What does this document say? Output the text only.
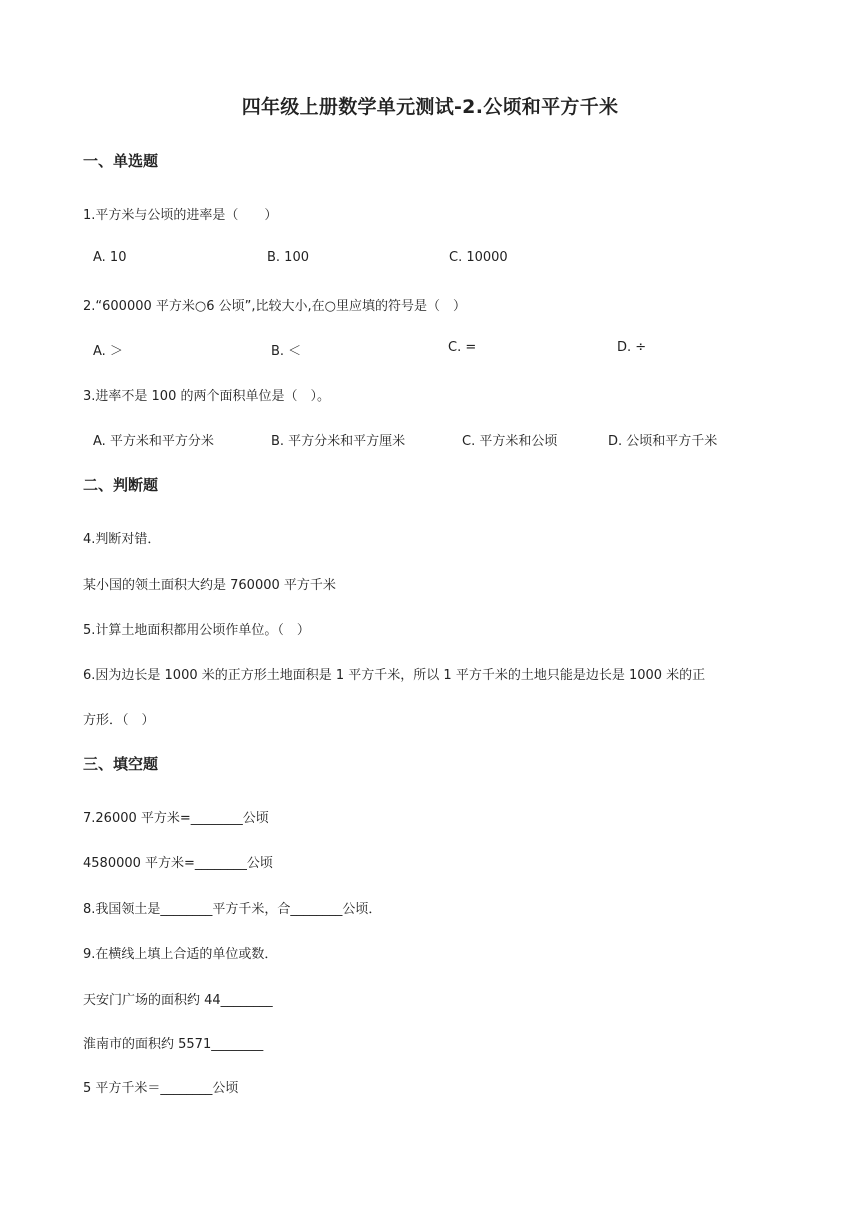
四年级上册数学单元测试-2.公顷和平方千米
一、单选题
1.平方米与公顷的进率是（　　）
A. 10	B. 100	C. 10000
2.“600000 平方米○6 公顷”,比较大小,在○里应填的符号是（　）
A. ＞	B. ＜	C. =	D. ÷
3.进率不是 100 的两个面积单位是（　）。
A. 平方米和平方分米	B. 平方分米和平方厘米	C. 平方米和公顷	D. 公顷和平方千米
二、判断题
4.判断对错．
某小国的领土面积大约是 760000 平方千米
5.计算土地面积都用公顷作单位。（　）
6.因为边长是 1000 米的正方形土地面积是 1 平方千米，所以 1 平方千米的土地只能是边长是 1000 米的正
方形．（　）
三、填空题
7.26000 平方米=________公顷
4580000 平方米=________公顷
8.我国领土是________平方千米，合________公顷．
9.在横线上填上合适的单位或数．
天安门广场的面积约 44________
淮南市的面积约 5571________
5 平方千米＝________公顷
